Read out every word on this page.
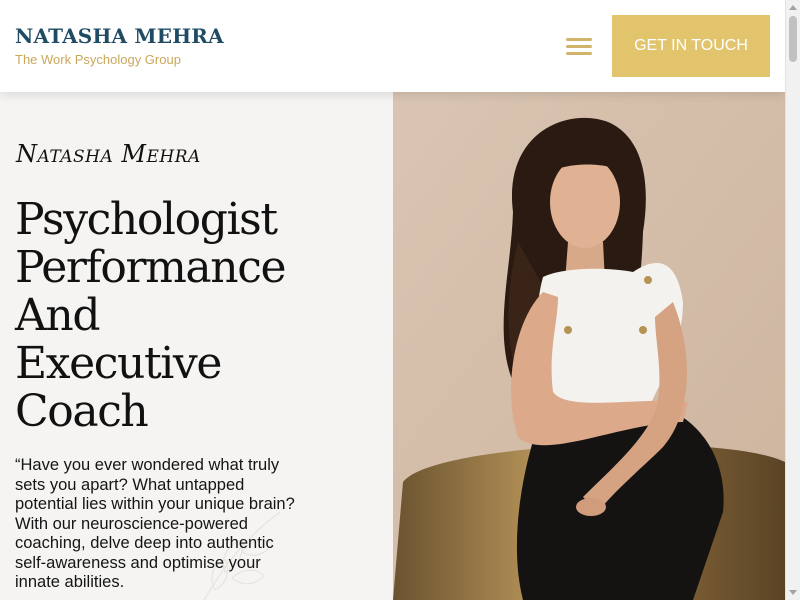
NATASHA MEHRA
The Work Psychology Group
GET IN TOUCH
Natasha Mehra
Psychologist
Performance
And
Executive
Coach

“Have you ever wondered what truly sets you apart? What untapped potential lies within your unique brain? With our neuroscience-powered coaching, delve deep into authentic self-awareness and optimise your innate abilities.
